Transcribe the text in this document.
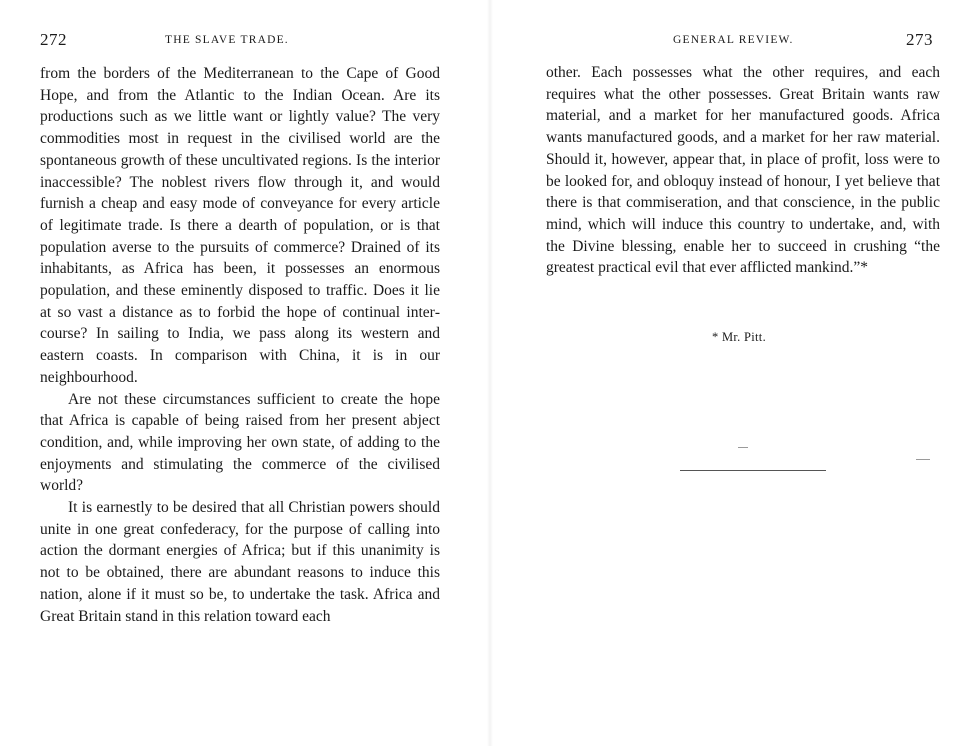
272	THE SLAVE TRADE.

from the borders of the Mediterranean to the Cape of Good Hope, and from the Atlantic to the Indian Ocean. Are its productions such as we little want or lightly value? The very commodities most in request in the civilised world are the spontaneous growth of these uncultivated regions. Is the interior inaccessible? The noblest rivers flow through it, and would furnish a cheap and easy mode of conveyance for every article of legitimate trade. Is there a dearth of population, or is that population averse to the pursuits of commerce? Drained of its inhabitants, as Africa has been, it possesses an enormous population, and these eminently disposed to traffic. Does it lie at so vast a distance as to forbid the hope of continual intercourse? In sailing to India, we pass along its western and eastern coasts. In comparison with China, it is in our neighbourhood.

Are not these circumstances sufficient to create the hope that Africa is capable of being raised from her present abject condition, and, while improving her own state, of adding to the enjoyments and stimulating the commerce of the civilised world?

It is earnestly to be desired that all Christian powers should unite in one great confederacy, for the purpose of calling into action the dormant energies of Africa; but if this unanimity is not to be obtained, there are abundant reasons to induce this nation, alone if it must so be, to undertake the task. Africa and Great Britain stand in this relation toward each

GENERAL REVIEW.	273

other. Each possesses what the other requires, and each requires what the other possesses. Great Britain wants raw material, and a market for her manufactured goods. Africa wants manufactured goods, and a market for her raw material. Should it, however, appear that, in place of profit, loss were to be looked for, and obloquy instead of honour, I yet believe that there is that commiseration, and that conscience, in the public mind, which will induce this country to undertake, and, with the Divine blessing, enable her to succeed in crushing “the greatest practical evil that ever afflicted mankind.”*

* Mr. Pitt.
